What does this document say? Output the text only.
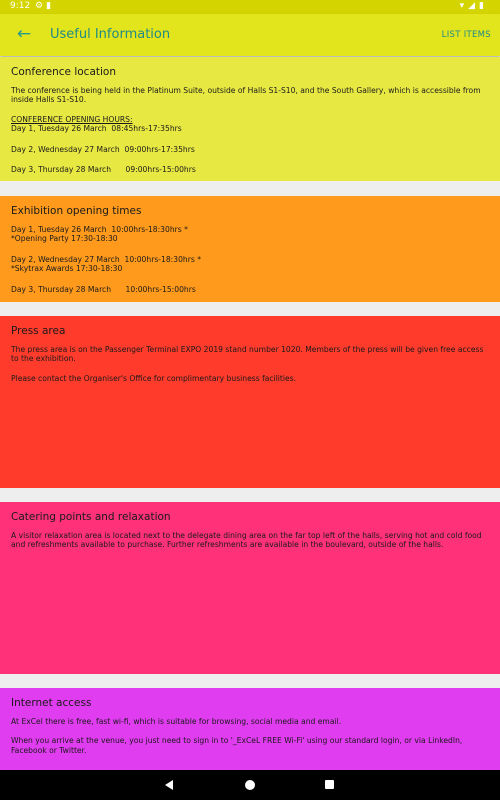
9:12 ⚙▮	▾◢▮
← Useful Information	LIST ITEMS
Conference location

The conference is being held in the Platinum Suite, outside of Halls S1-S10, and the South Gallery, which is accessible from inside Halls S1-S10.

CONFERENCE OPENING HOURS:
Day 1, Tuesday 26 March  08:45hrs-17:35hrs
Day 2, Wednesday 27 March  09:00hrs-17:35hrs
Day 3, Thursday 28 March      09:00hrs-15:00hrs
Exhibition opening times
Day 1, Tuesday 26 March  10:00hrs-18:30hrs *
*Opening Party 17:30-18:30
Day 2, Wednesday 27 March  10:00hrs-18:30hrs *
*Skytrax Awards 17:30-18:30
Day 3, Thursday 28 March      10:00hrs-15:00hrs
Press area

The press area is on the Passenger Terminal EXPO 2019 stand number 1020. Members of the press will be given free access to the exhibition.

Please contact the Organiser's Office for complimentary business facilities.

Catering points and relaxation

A visitor relaxation area is located next to the delegate dining area on the far top left of the halls, serving hot and cold food and refreshments available to purchase. Further refreshments are available in the boulevard, outside of the halls.

Internet access

At ExCel there is free, fast wi-fi, which is suitable for browsing, social media and email.

When you arrive at the venue, you just need to sign in to '_ExCeL FREE Wi-Fi' using our standard login, or via LinkedIn, Facebook or Twitter.
